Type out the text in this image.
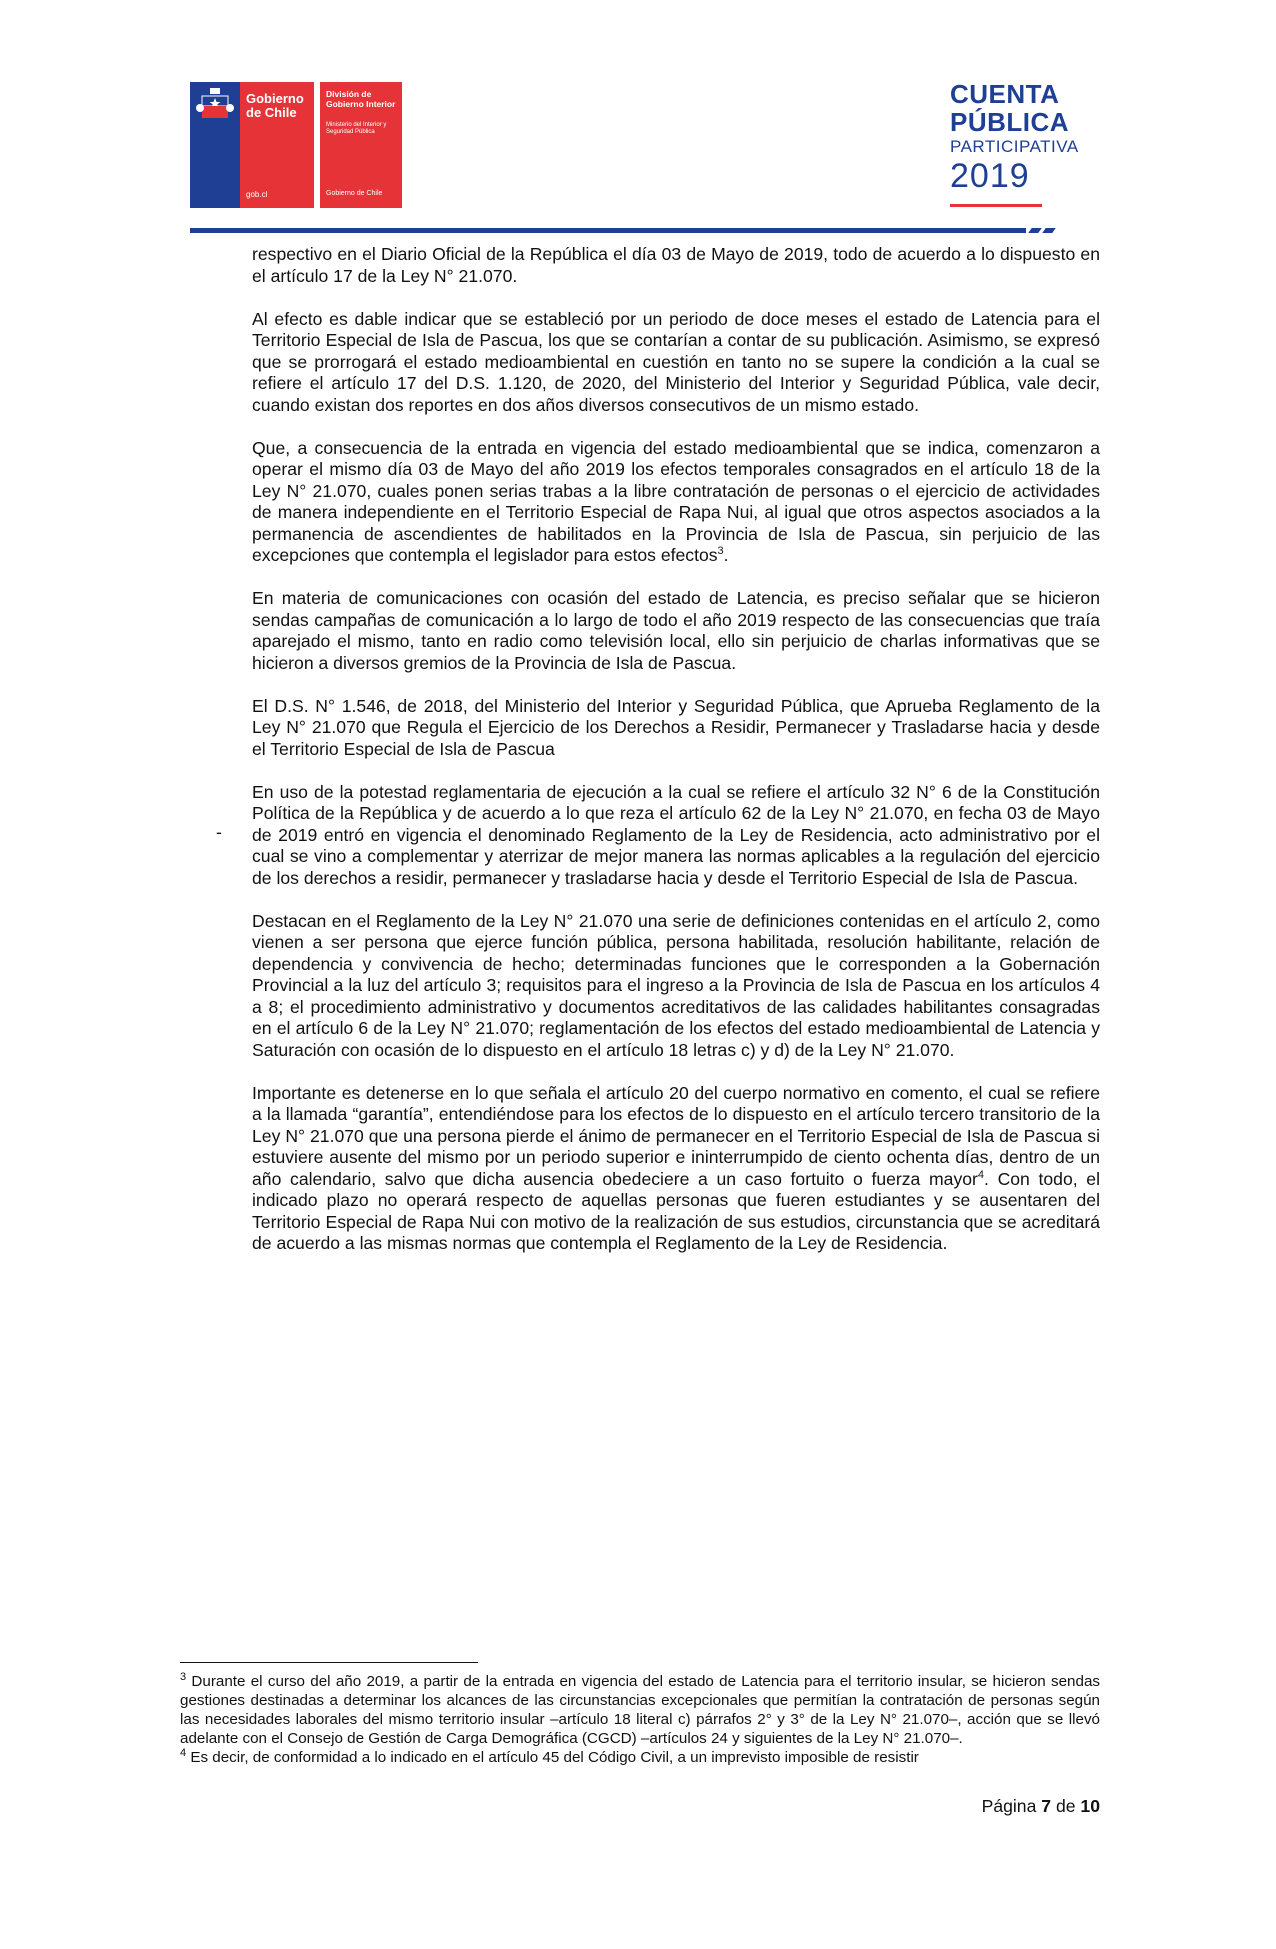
Gobierno
de Chile
División de Gobierno Interior
Ministerio del Interior y Seguridad Pública
gob.cl	Gobierno de Chile
CUENTA
PÚBLICA
PARTICIPATIVA
2019

respectivo en el Diario Oficial de la República el día 03 de Mayo de 2019, todo de acuerdo a lo dispuesto en el artículo 17 de la Ley N° 21.070.

Al efecto es dable indicar que se estableció por un periodo de doce meses el estado de Latencia para el Territorio Especial de Isla de Pascua, los que se contarían a contar de su publicación. Asimismo, se expresó que se prorrogará el estado medioambiental en cuestión en tanto no se supere la condición a la cual se refiere el artículo 17 del D.S. 1.120, de 2020, del Ministerio del Interior y Seguridad Pública, vale decir, cuando existan dos reportes en dos años diversos consecutivos de un mismo estado.

Que, a consecuencia de la entrada en vigencia del estado medioambiental que se indica, comenzaron a operar el mismo día 03 de Mayo del año 2019 los efectos temporales consagrados en el artículo 18 de la Ley N° 21.070, cuales ponen serias trabas a la libre contratación de personas o el ejercicio de actividades de manera independiente en el Territorio Especial de Rapa Nui, al igual que otros aspectos asociados a la permanencia de ascendientes de habilitados en la Provincia de Isla de Pascua, sin perjuicio de las excepciones que contempla el legislador para estos efectos$^3$.

En materia de comunicaciones con ocasión del estado de Latencia, es preciso señalar que se hicieron sendas campañas de comunicación a lo largo de todo el año 2019 respecto de las consecuencias que traía aparejado el mismo, tanto en radio como televisión local, ello sin perjuicio de charlas informativas que se hicieron a diversos gremios de la Provincia de Isla de Pascua.

El D.S. N° 1.546, de 2018, del Ministerio del Interior y Seguridad Pública, que Aprueba Reglamento de la Ley N° 21.070 que Regula el Ejercicio de los Derechos a Residir, Permanecer y Trasladarse hacia y desde el Territorio Especial de Isla de Pascua

En uso de la potestad reglamentaria de ejecución a la cual se refiere el artículo 32 N° 6 de la Constitución Política de la República y de acuerdo a lo que reza el artículo 62 de la Ley N° 21.070, en fecha 03 de Mayo de 2019 entró en vigencia el denominado Reglamento de la Ley de Residencia, acto administrativo por el cual se vino a complementar y aterrizar de mejor manera las normas aplicables a la regulación del ejercicio de los derechos a residir, permanecer y trasladarse hacia y desde el Territorio Especial de Isla de Pascua.

Destacan en el Reglamento de la Ley N° 21.070 una serie de definiciones contenidas en el artículo 2, como vienen a ser persona que ejerce función pública, persona habilitada, resolución habilitante, relación de dependencia y convivencia de hecho; determinadas funciones que le corresponden a la Gobernación Provincial a la luz del artículo 3; requisitos para el ingreso a la Provincia de Isla de Pascua en los artículos 4 a 8; el procedimiento administrativo y documentos acreditativos de las calidades habilitantes consagradas en el artículo 6 de la Ley N° 21.070; reglamentación de los efectos del estado medioambiental de Latencia y Saturación con ocasión de lo dispuesto en el artículo 18 letras c) y d) de la Ley N° 21.070.

Importante es detenerse en lo que señala el artículo 20 del cuerpo normativo en comento, el cual se refiere a la llamada “garantía”, entendiéndose para los efectos de lo dispuesto en el artículo tercero transitorio de la Ley N° 21.070 que una persona pierde el ánimo de permanecer en el Territorio Especial de Isla de Pascua si estuviere ausente del mismo por un periodo superior e ininterrumpido de ciento ochenta días, dentro de un año calendario, salvo que dicha ausencia obedeciere a un caso fortuito o fuerza mayor$^4$. Con todo, el indicado plazo no operará respecto de aquellas personas que fueren estudiantes y se ausentaren del Territorio Especial de Rapa Nui con motivo de la realización de sus estudios, circunstancia que se acreditará de acuerdo a las mismas normas que contempla el Reglamento de la Ley de Residencia.

-

$^3$ Durante el curso del año 2019, a partir de la entrada en vigencia del estado de Latencia para el territorio insular, se hicieron sendas gestiones destinadas a determinar los alcances de las circunstancias excepcionales que permitían la contratación de personas según las necesidades laborales del mismo territorio insular –artículo 18 literal c) párrafos 2° y 3° de la Ley N° 21.070–, acción que se llevó adelante con el Consejo de Gestión de Carga Demográfica (CGCD) –artículos 24 y siguientes de la Ley N° 21.070–.

$^4$ Es decir, de conformidad a lo indicado en el artículo 45 del Código Civil, a un imprevisto imposible de resistir

Página 7 de 10
